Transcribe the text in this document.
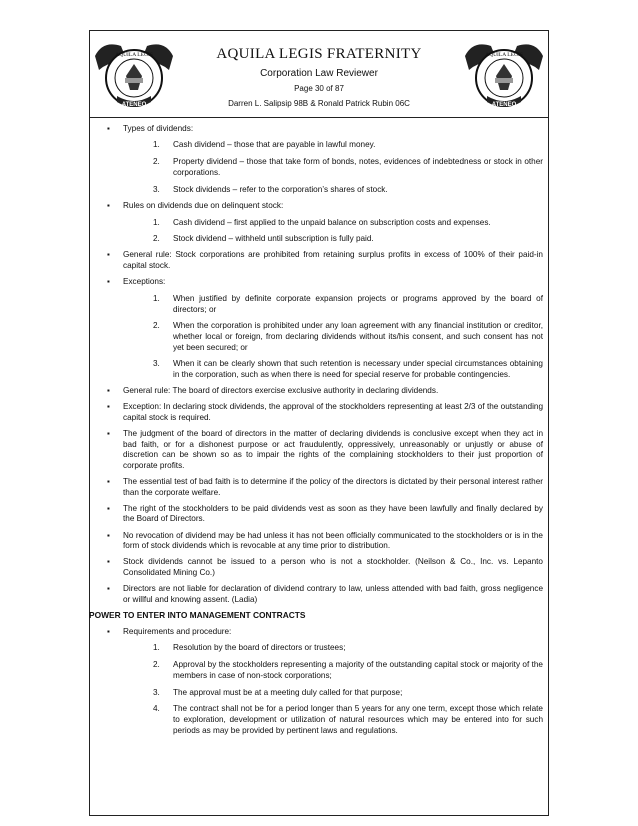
ATENEO
AQUILA LEGIS	AQUILA LEGIS FRATERNITY
Corporation Law Reviewer
Page 30 of 87
Darren L. Salipsip 98B & Ronald Patrick Rubin 06C	ATENEO
AQUILA LEGIS
▪ Types of dividends:
1. Cash dividend – those that are payable in lawful money.
2. Property dividend – those that take form of bonds, notes, evidences of indebtedness or stock in other corporations.
3. Stock dividends – refer to the corporation’s shares of stock.
▪ Rules on dividends due on delinquent stock:
1. Cash dividend – first applied to the unpaid balance on subscription costs and expenses.
2. Stock dividend – withheld until subscription is fully paid.
▪ General rule: Stock corporations are prohibited from retaining surplus profits in excess of 100% of their paid-in capital stock.
▪ Exceptions:
1. When justified by definite corporate expansion projects or programs approved by the board of directors; or
2. When the corporation is prohibited under any loan agreement with any financial institution or creditor, whether local or foreign, from declaring dividends without its/his consent, and such consent has not yet been secured; or
3. When it can be clearly shown that such retention is necessary under special circumstances obtaining in the corporation, such as when there is need for special reserve for probable contingencies.
▪ General rule: The board of directors exercise exclusive authority in declaring dividends.
▪ Exception: In declaring stock dividends, the approval of the stockholders representing at least 2/3 of the outstanding capital stock is required.
▪ The judgment of the board of directors in the matter of declaring dividends is conclusive except when they act in bad faith, or for a dishonest purpose or act fraudulently, oppressively, unreasonably or unjustly or abuse of discretion can be shown so as to impair the rights of the complaining stockholders to their just proportion of corporate profits.
▪ The essential test of bad faith is to determine if the policy of the directors is dictated by their personal interest rather than the corporate welfare.
▪ The right of the stockholders to be paid dividends vest as soon as they have been lawfully and finally declared by the Board of Directors.
▪ No revocation of dividend may be had unless it has not been officially communicated to the stockholders or is in the form of stock dividends which is revocable at any time prior to distribution.
▪ Stock dividends cannot be issued to a person who is not a stockholder. (Neilson & Co., Inc. vs. Lepanto Consolidated Mining Co.)
▪ Directors are not liable for declaration of dividend contrary to law, unless attended with bad faith, gross negligence or willful and knowing assent. (Ladia)
POWER TO ENTER INTO MANAGEMENT CONTRACTS
▪ Requirements and procedure:
1. Resolution by the board of directors or trustees;
2. Approval by the stockholders representing a majority of the outstanding capital stock or majority of the members in case of non-stock corporations;
3. The approval must be at a meeting duly called for that purpose;
4. The contract shall not be for a period longer than 5 years for any one term, except those which relate to exploration, development or utilization of natural resources which may be entered into for such periods as may be provided by pertinent laws and regulations.
